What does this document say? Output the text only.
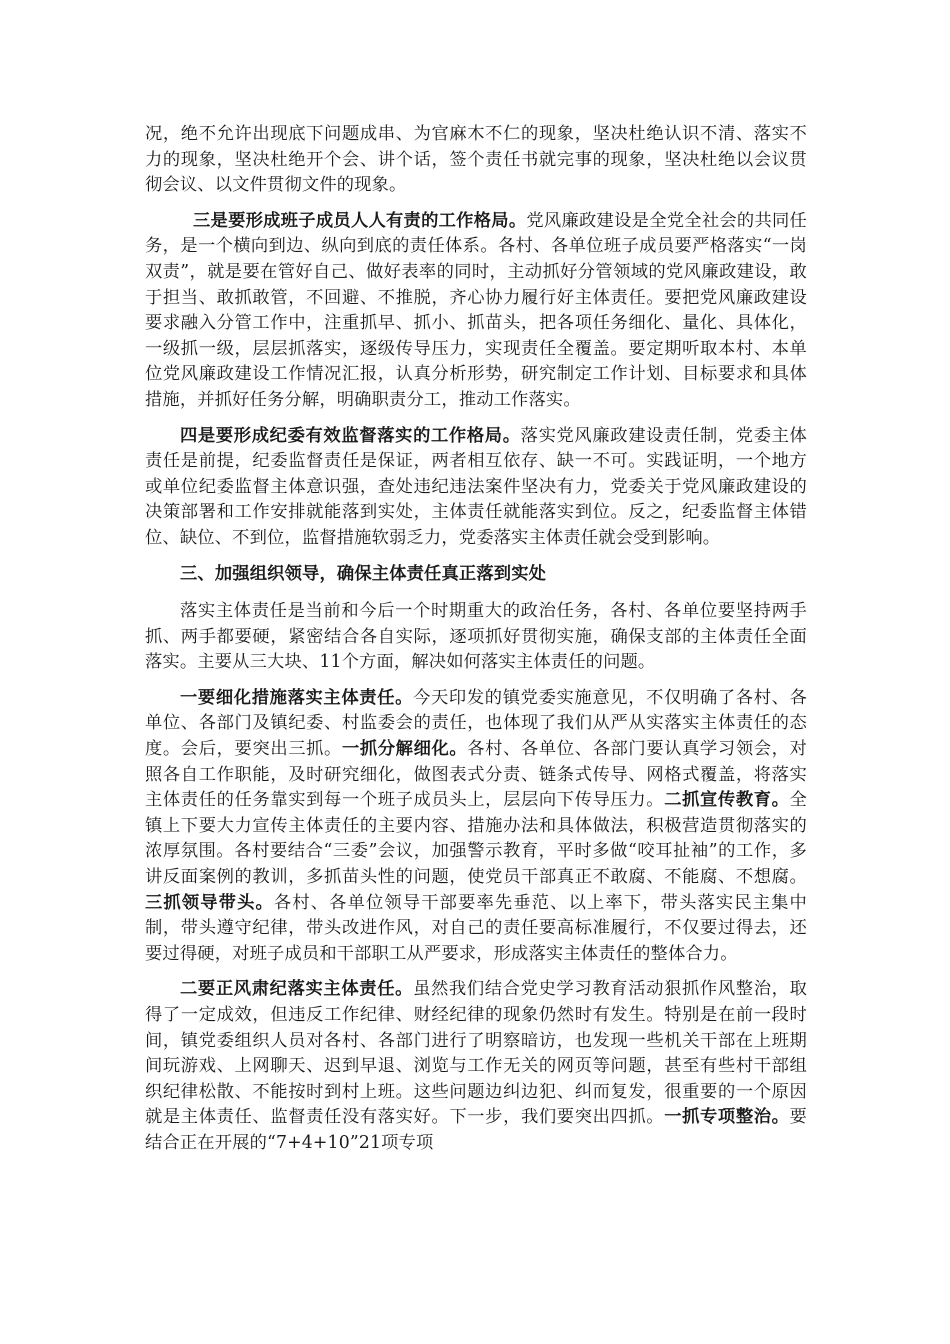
况，绝不允许出现底下问题成串、为官麻木不仁的现象，坚决杜绝认识不清、落实不力的现象，坚决杜绝开个会、讲个话，签个责任书就完事的现象，坚决杜绝以会议贯彻会议、以文件贯彻文件的现象。

三是要形成班子成员人人有责的工作格局。党风廉政建设是全党全社会的共同任务，是一个横向到边、纵向到底的责任体系。各村、各单位班子成员要严格落实“一岗双责”，就是要在管好自己、做好表率的同时，主动抓好分管领域的党风廉政建设，敢于担当、敢抓敢管，不回避、不推脱，齐心协力履行好主体责任。要把党风廉政建设要求融入分管工作中，注重抓早、抓小、抓苗头，把各项任务细化、量化、具体化，一级抓一级，层层抓落实，逐级传导压力，实现责任全覆盖。要定期听取本村、本单位党风廉政建设工作情况汇报，认真分析形势，研究制定工作计划、目标要求和具体措施，并抓好任务分解，明确职责分工，推动工作落实。

四是要形成纪委有效监督落实的工作格局。落实党风廉政建设责任制，党委主体责任是前提，纪委监督责任是保证，两者相互依存、缺一不可。实践证明，一个地方或单位纪委监督主体意识强，查处违纪违法案件坚决有力，党委关于党风廉政建设的决策部署和工作安排就能落到实处，主体责任就能落实到位。反之，纪委监督主体错位、缺位、不到位，监督措施软弱乏力，党委落实主体责任就会受到影响。

三、加强组织领导，确保主体责任真正落到实处

落实主体责任是当前和今后一个时期重大的政治任务，各村、各单位要坚持两手抓、两手都要硬，紧密结合各自实际，逐项抓好贯彻实施，确保支部的主体责任全面落实。主要从三大块、11个方面，解决如何落实主体责任的问题。

一要细化措施落实主体责任。今天印发的镇党委实施意见，不仅明确了各村、各单位、各部门及镇纪委、村监委会的责任，也体现了我们从严从实落实主体责任的态度。会后，要突出三抓。一抓分解细化。各村、各单位、各部门要认真学习领会，对照各自工作职能，及时研究细化，做图表式分责、链条式传导、网格式覆盖，将落实主体责任的任务靠实到每一个班子成员头上，层层向下传导压力。二抓宣传教育。全镇上下要大力宣传主体责任的主要内容、措施办法和具体做法，积极营造贯彻落实的浓厚氛围。各村要结合“三委”会议，加强警示教育，平时多做“咬耳扯袖”的工作，多讲反面案例的教训，多抓苗头性的问题，使党员干部真正不敢腐、不能腐、不想腐。三抓领导带头。各村、各单位领导干部要率先垂范、以上率下，带头落实民主集中制，带头遵守纪律，带头改进作风，对自己的责任要高标准履行，不仅要过得去，还要过得硬，对班子成员和干部职工从严要求，形成落实主体责任的整体合力。

二要正风肃纪落实主体责任。虽然我们结合党史学习教育活动狠抓作风整治，取得了一定成效，但违反工作纪律、财经纪律的现象仍然时有发生。特别是在前一段时间，镇党委组织人员对各村、各部门进行了明察暗访，也发现一些机关干部在上班期间玩游戏、上网聊天、迟到早退、浏览与工作无关的网页等问题，甚至有些村干部组织纪律松散、不能按时到村上班。这些问题边纠边犯、纠而复发，很重要的一个原因就是主体责任、监督责任没有落实好。下一步，我们要突出四抓。一抓专项整治。要结合正在开展的“7+4+10”21项专项
